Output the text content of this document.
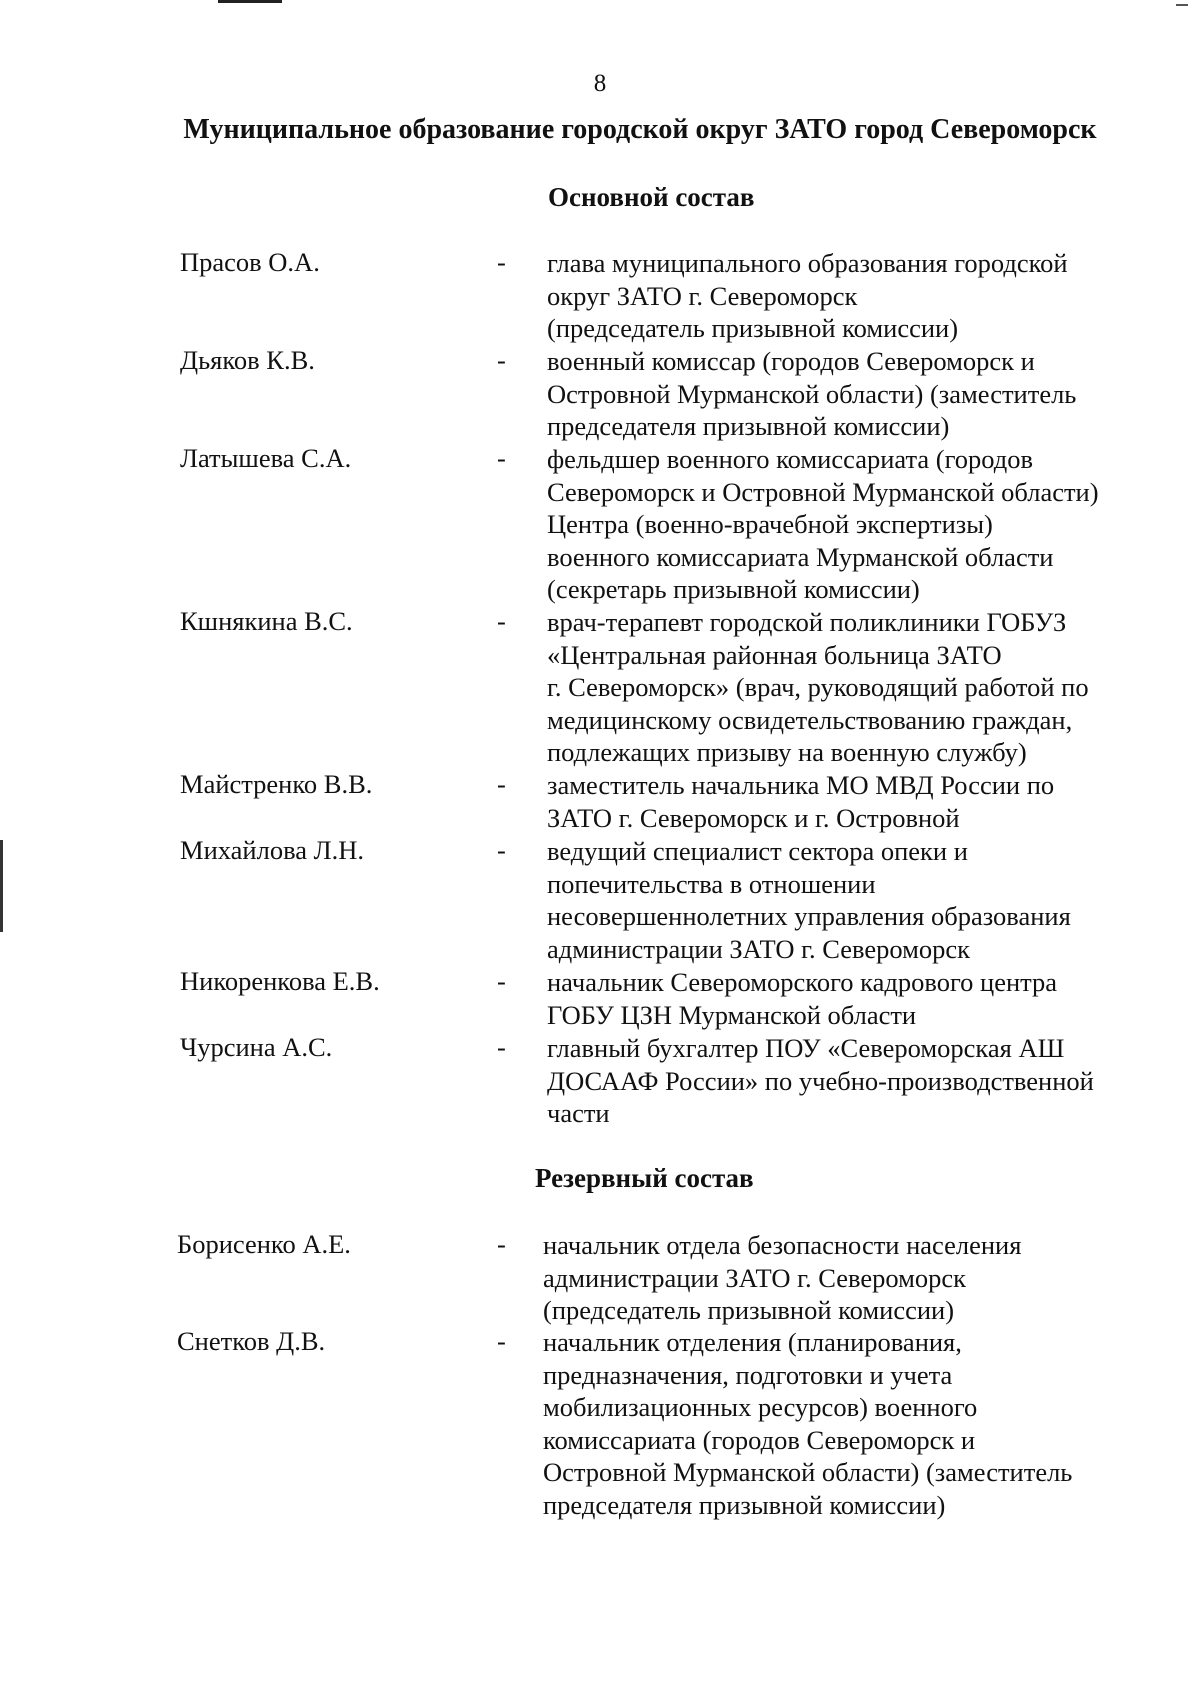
8
Муниципальное образование городской округ ЗАТО город Североморск
Основной состав
Прасов О.А.	- глава муниципального образования городской
округ ЗАТО г. Североморск
(председатель призывной комиссии)
Дьяков К.В.	- военный комиссар (городов Североморск и
Островной Мурманской области) (заместитель
председателя призывной комиссии)
Латышева С.А.	- фельдшер военного комиссариата (городов
Североморск и Островной Мурманской области)
Центра (военно-врачебной экспертизы)
военного комиссариата Мурманской области
(секретарь призывной комиссии)
Кшнякина В.С.	- врач-терапевт городской поликлиники ГОБУЗ
«Центральная районная больница ЗАТО
г. Североморск» (врач, руководящий работой по
медицинскому освидетельствованию граждан,
подлежащих призыву на военную службу)
Майстренко В.В.	- заместитель начальника МО МВД России по
ЗАТО г. Североморск и г. Островной
Михайлова Л.Н.	- ведущий специалист сектора опеки и
попечительства в отношении
несовершеннолетних управления образования
администрации ЗАТО г. Североморск
Никоренкова Е.В.	- начальник Североморского кадрового центра
ГОБУ ЦЗН Мурманской области
Чурсина А.С.	- главный бухгалтер ПОУ «Североморская АШ
ДОСААФ России» по учебно-производственной
части
Резервный состав
Борисенко А.Е.	- начальник отдела безопасности населения
администрации ЗАТО г. Североморск
(председатель призывной комиссии)
Снетков Д.В.	- начальник отделения (планирования,
предназначения, подготовки и учета
мобилизационных ресурсов) военного
комиссариата (городов Североморск и
Островной Мурманской области) (заместитель
председателя призывной комиссии)
